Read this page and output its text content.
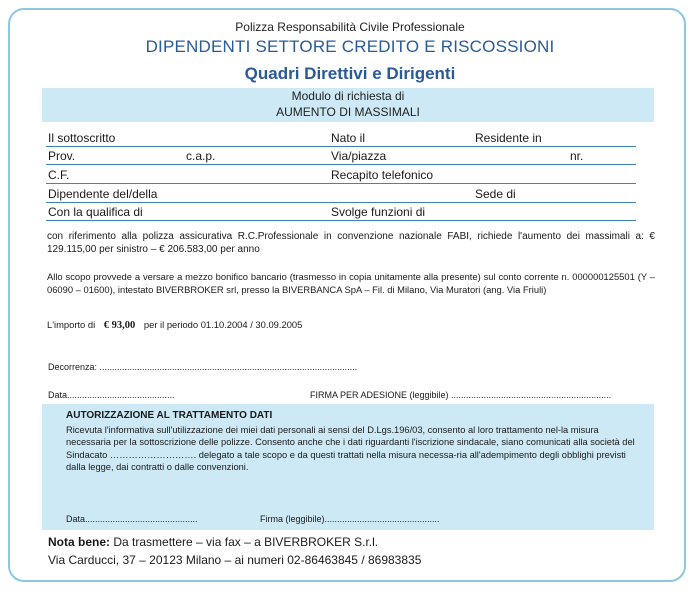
Polizza Responsabilità Civile Professionale
DIPENDENTI SETTORE CREDITO E RISCOSSIONI
Quadri Direttivi e Dirigenti
Modulo di richiesta di
AUMENTO DI MASSIMALI
Il sottoscritto	Nato il	Residente in
Prov.	c.a.p.	Via/piazza	nr.
C.F.	Recapito telefonico
Dipendente del/della	Sede di
Con la qualifica di	Svolge funzioni di
con riferimento alla polizza assicurativa R.C.Professionale in convenzione nazionale FABI, richiede l'aumento dei massimali a: € 129.115,00 per sinistro – € 206.583,00 per anno
Allo scopo provvede a versare a mezzo bonifico bancario (trasmesso in copia unitamente alla presente) sul conto corrente n. 000000125501 (Y – 06090 – 01600), intestato BIVERBROKER srl, presso la BIVERBANCA SpA – Fil. di Milano, Via Muratori (ang. Via Friuli)
L'importo di € 93,00 per il periodo 01.10.2004 / 30.09.2005
Decorrenza: .......................................................................................................
Data...........................................	FIRMA PER ADESIONE (leggibile) ................................................................
AUTORIZZAZIONE AL TRATTAMENTO DATI
Ricevuta l'informativa sull'utilizzazione dei miei dati personali ai sensi del D.Lgs.196/03, consento al loro trattamento nel-la misura necessaria per la sottoscrizione delle polizze. Consento anche che i dati riguardanti l'iscrizione sindacale, siano comunicati alla società del Sindacato ………………………. delegato a tale scopo e da questi trattati nella misura necessa-ria all'adempimento degli obblighi previsti dalla legge, dai contratti o dalle convenzioni.
Data.............................................	Firma (leggibile)..............................................
Nota bene: Da trasmettere – via fax – a BIVERBROKER S.r.l.
Via Carducci, 37 – 20123 Milano – ai numeri 02-86463845 / 86983835
